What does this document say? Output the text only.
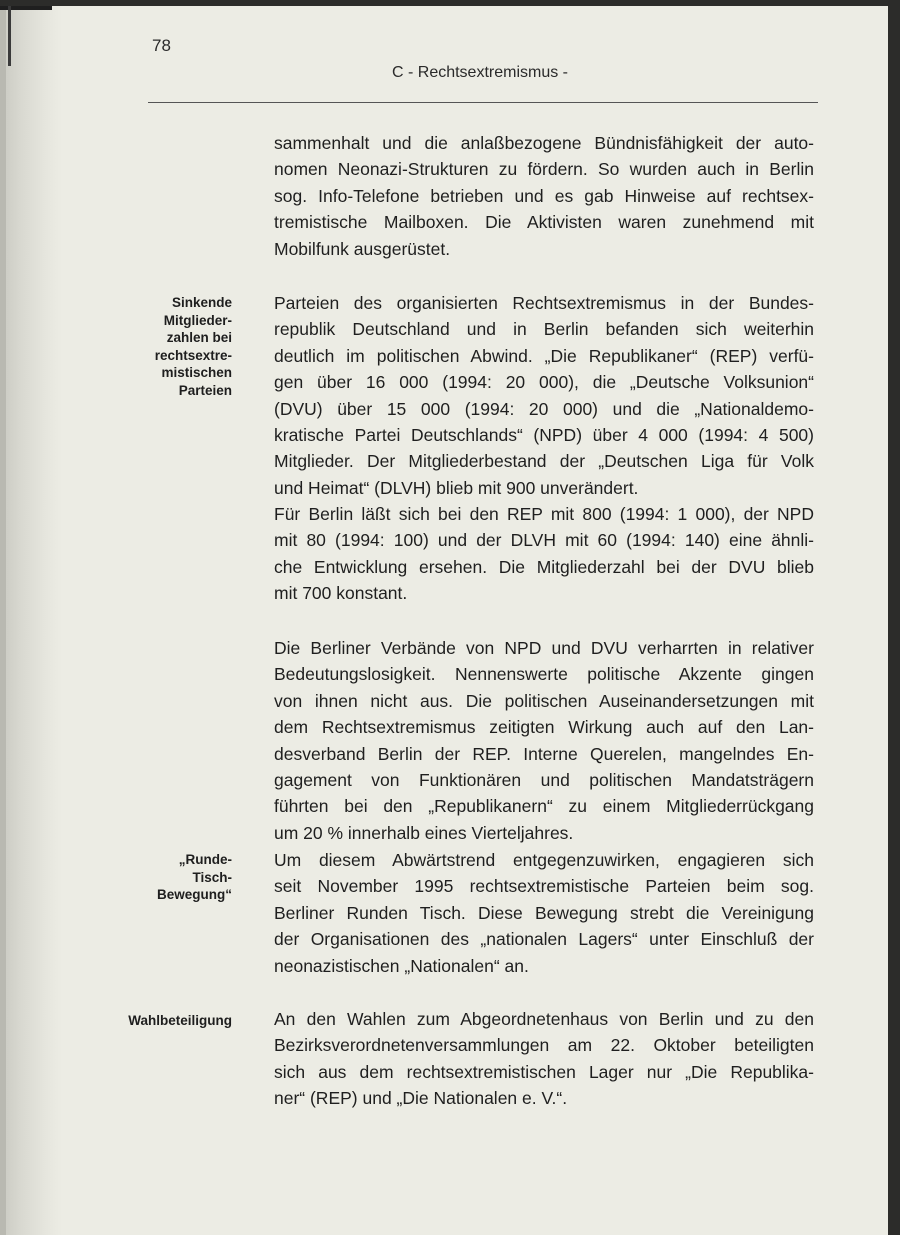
78
C - Rechtsextremismus -
Sinkende
Mitglieder-
zahlen bei
rechtsextre-
mistischen
Parteien
„Runde-
Tisch-
Bewegung“
Wahlbeteiligung
sammenhalt und die anlaßbezogene Bündnisfähigkeit der auto-
nomen Neonazi-Strukturen zu fördern. So wurden auch in Berlin
sog. Info-Telefone betrieben und es gab Hinweise auf rechtsex-
tremistische Mailboxen. Die Aktivisten waren zunehmend mit
Mobilfunk ausgerüstet.
Parteien des organisierten Rechtsextremismus in der Bundes-
republik Deutschland und in Berlin befanden sich weiterhin
deutlich im politischen Abwind. „Die Republikaner“ (REP) verfü-
gen über 16 000 (1994: 20 000), die „Deutsche Volksunion“
(DVU) über 15 000 (1994: 20 000) und die „Nationaldemo-
kratische Partei Deutschlands“ (NPD) über 4 000 (1994: 4 500)
Mitglieder. Der Mitgliederbestand der „Deutschen Liga für Volk
und Heimat“ (DLVH) blieb mit 900 unverändert.
Für Berlin läßt sich bei den REP mit 800 (1994: 1 000), der NPD
mit 80 (1994: 100) und der DLVH mit 60 (1994: 140) eine ähnli-
che Entwicklung ersehen. Die Mitgliederzahl bei der DVU blieb
mit 700 konstant.
Die Berliner Verbände von NPD und DVU verharrten in relativer
Bedeutungslosigkeit. Nennenswerte politische Akzente gingen
von ihnen nicht aus. Die politischen Auseinandersetzungen mit
dem Rechtsextremismus zeitigten Wirkung auch auf den Lan-
desverband Berlin der REP. Interne Querelen, mangelndes En-
gagement von Funktionären und politischen Mandatsträgern
führten bei den „Republikanern“ zu einem Mitgliederrückgang
um 20 % innerhalb eines Vierteljahres.
Um diesem Abwärtstrend entgegenzuwirken, engagieren sich
seit November 1995 rechtsextremistische Parteien beim sog.
Berliner Runden Tisch. Diese Bewegung strebt die Vereinigung
der Organisationen des „nationalen Lagers“ unter Einschluß der
neonazistischen „Nationalen“ an.
An den Wahlen zum Abgeordnetenhaus von Berlin und zu den
Bezirksverordnetenversammlungen am 22. Oktober beteiligten
sich aus dem rechtsextremistischen Lager nur „Die Republika-
ner“ (REP) und „Die Nationalen e. V.“.
